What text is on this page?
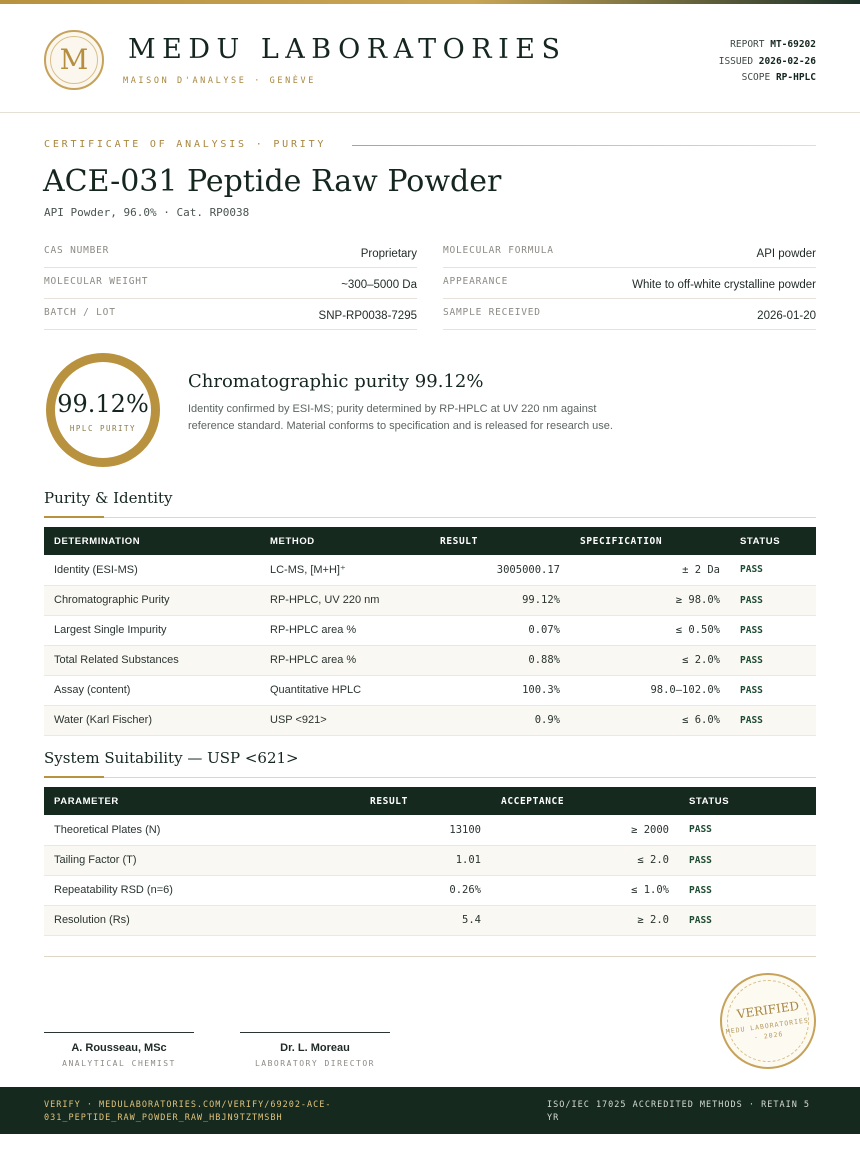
M	MEDU LABORATORIES
MAISON D'ANALYSE · GENÈVE
REPORT MT-69202
ISSUED 2026-02-26
SCOPE RP-HPLC
CERTIFICATE OF ANALYSIS · PURITY
ACE-031 Peptide Raw Powder
API Powder, 96.0% · Cat. RP0038
CAS NUMBER	Proprietary
MOLECULAR WEIGHT	~300–5000 Da
BATCH / LOT	SNP-RP0038-7295
MOLECULAR FORMULA	API powder
APPEARANCE	White to off-white crystalline powder
SAMPLE RECEIVED	2026-01-20
99.12%
HPLC PURITY
Chromatographic purity 99.12%
Identity confirmed by ESI-MS; purity determined by RP-HPLC at UV 220 nm against reference standard. Material conforms to specification and is released for research use.
Purity & Identity
DETERMINATION	METHOD	RESULT	SPECIFICATION	STATUS
Identity (ESI-MS)	LC-MS, [M+H]⁺	3005000.17	± 2 Da	PASS
Chromatographic Purity	RP-HPLC, UV 220 nm	99.12%	≥ 98.0%	PASS
Largest Single Impurity	RP-HPLC area %	0.07%	≤ 0.50%	PASS
Total Related Substances	RP-HPLC area %	0.88%	≤ 2.0%	PASS
Assay (content)	Quantitative HPLC	100.3%	98.0–102.0%	PASS
Water (Karl Fischer)	USP <921>	0.9%	≤ 6.0%	PASS
System Suitability — USP <621>
PARAMETER	RESULT	ACCEPTANCE	STATUS
Theoretical Plates (N)	13100	≥ 2000	PASS
Tailing Factor (T)	1.01	≤ 2.0	PASS
Repeatability RSD (n=6)	0.26%	≤ 1.0%	PASS
Resolution (Rs)	5.4	≥ 2.0	PASS
A. Rousseau, MSc
ANALYTICAL CHEMIST
Dr. L. Moreau
LABORATORY DIRECTOR
VERIFIED
MEDU LABORATORIES · 2026
VERIFY · MEDULABORATORIES.COM/VERIFY/69202-ACE-031_PEPTIDE_RAW_POWDER_RAW_HBJN9TZTMSBH
ISO/IEC 17025 ACCREDITED METHODS · RETAIN 5 YR
